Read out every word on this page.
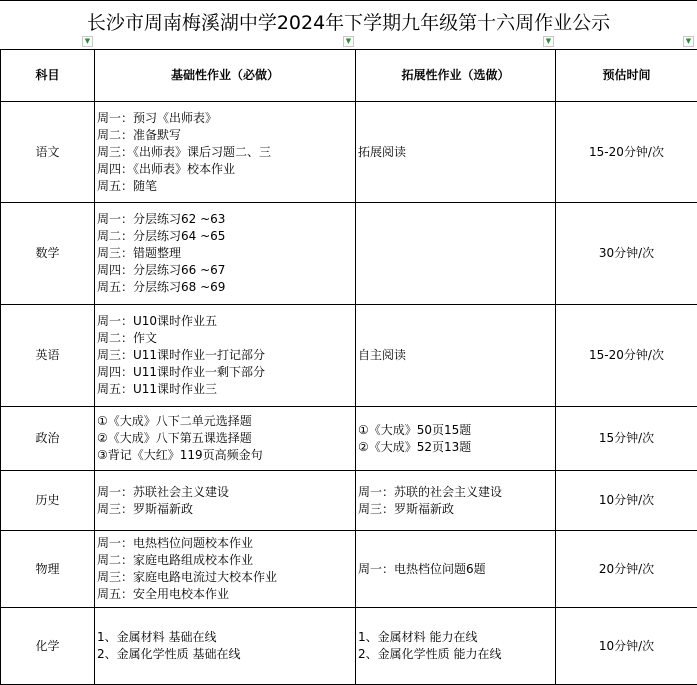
长沙市周南梅溪湖中学2024年下学期九年级第十六周作业公示
▼	▼	▼	▼
科目	基础性作业（必做）	拓展性作业（选做）	预估时间
语文	周一：预习《出师表》
周二：准备默写
周三：《出师表》课后习题二、三
周四：《出师表》校本作业
周五：随笔	拓展阅读	15-20分钟/次
数学	周一：分层练习62 ~63
周二：分层练习64 ~65
周三：错题整理
周四：分层练习66 ~67
周五：分层练习68 ~69		30分钟/次
英语	周一：U10课时作业五
周二：作文
周三：U11课时作业一打记部分
周四：U11课时作业一剩下部分
周五：U11课时作业三	自主阅读	15-20分钟/次
政治	①《大成》八下二单元选择题
②《大成》八下第五课选择题
③背记《大红》119页高频金句	①《大成》50页15题
②《大成》52页13题	15分钟/次
历史	周一：苏联社会主义建设
周三：罗斯福新政	周一：苏联的社会主义建设
周三：罗斯福新政	10分钟/次
物理	周一：电热档位问题校本作业
周二：家庭电路组成校本作业
周三：家庭电路电流过大校本作业
周五：安全用电校本作业	周一：电热档位问题6题	20分钟/次
化学	1、金属材料 基础在线
2、金属化学性质 基础在线	1、金属材料 能力在线
2、金属化学性质 能力在线	10分钟/次
